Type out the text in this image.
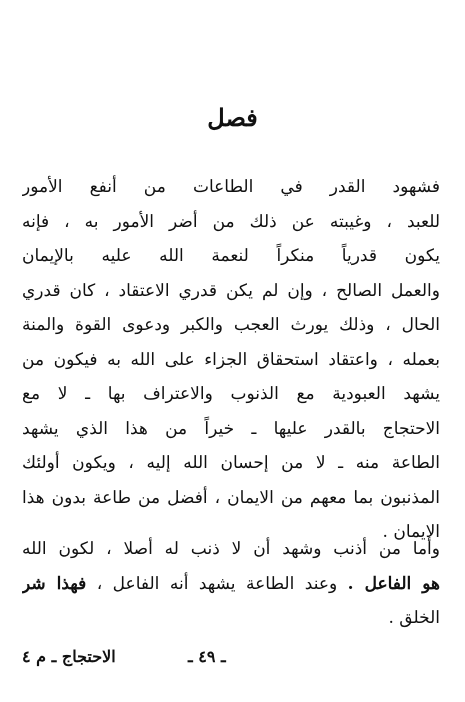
فصل
فشهود القدر في الطاعات من أنفع الأمور
للعبد ، وغيبته عن ذلك من أضر الأمور به ، فإنه
يكون قدرياً منكراً لنعمة الله عليه بالإيمان
والعمل الصالح ، وإن لم يكن قدري الاعتقاد ، كان قدري
الحال ، وذلك يورث العجب والكبر ودعوى القوة والمنة
بعمله ، واعتقاد استحقاق الجزاء على الله به فيكون من
يشهد العبودية مع الذنوب والاعتراف بها ـ لا مع
الاحتجاج بالقدر عليها ـ خيراً من هذا الذي يشهد
الطاعة منه ـ لا من إحسان الله إليه ، ويكون أولئك
المذنبون بما معهم من الايمان ، أفضل من طاعة بدون هذا
الايمان .
وأما من أذنب وشهد أن لا ذنب له أصلا ، لكون الله
هو الفاعل . وعند الطاعة يشهد أنه الفاعل ، فهذا شر
الخلق .
ـ ٤٩ ـ
الاحتجاج ـ م ٤
